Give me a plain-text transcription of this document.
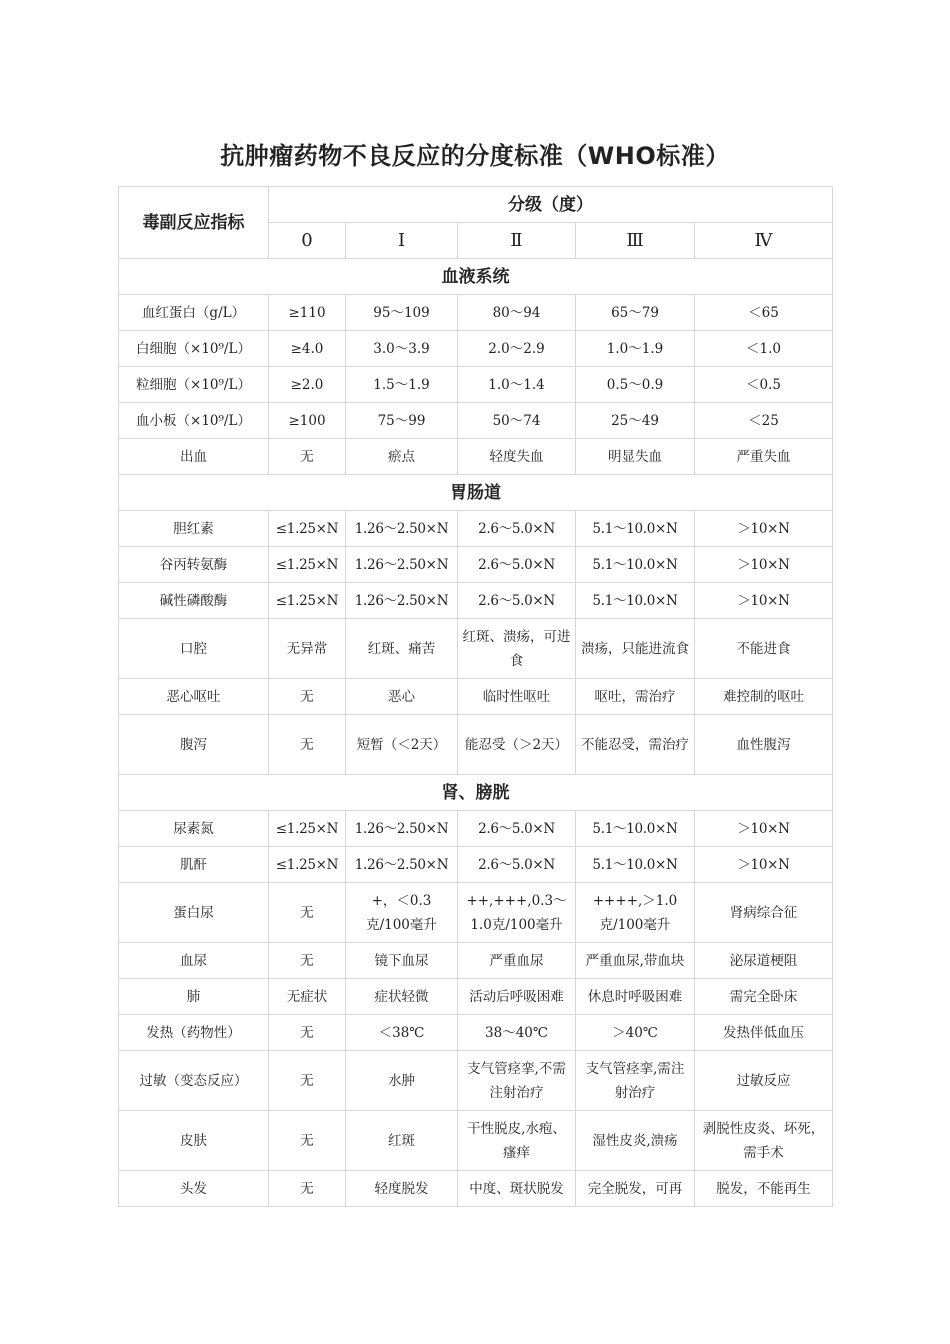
抗肿瘤药物不良反应的分度标准（WHO标准）
毒副反应指标	分级（度）				
	0	Ⅰ	Ⅱ	Ⅲ	Ⅳ
血液系统					
血红蛋白（g/L）	≥110	95～109	80～94	65～79	＜65
白细胞（×10⁹/L）	≥4.0	3.0～3.9	2.0～2.9	1.0～1.9	＜1.0
粒细胞（×10⁹/L）	≥2.0	1.5～1.9	1.0～1.4	0.5～0.9	＜0.5
血小板（×10⁹/L）	≥100	75～99	50～74	25～49	＜25
出血	无	瘀点	轻度失血	明显失血	严重失血
胃肠道					
胆红素	≤1.25×N	1.26～2.50×N	2.6～5.0×N	5.1～10.0×N	＞10×N
谷丙转氨酶	≤1.25×N	1.26～2.50×N	2.6～5.0×N	5.1～10.0×N	＞10×N
碱性磷酸酶	≤1.25×N	1.26～2.50×N	2.6～5.0×N	5.1～10.0×N	＞10×N
口腔	无异常	红斑、痛苦	红斑、溃疡，可进食	溃疡，只能进流食	不能进食
恶心呕吐	无	恶心	临时性呕吐	呕吐，需治疗	难控制的呕吐
腹泻	无	短暂（＜2天）	能忍受（＞2天）	不能忍受，需治疗	血性腹泻
肾、膀胱					
尿素氮	≤1.25×N	1.26～2.50×N	2.6～5.0×N	5.1～10.0×N	＞10×N
肌酐	≤1.25×N	1.26～2.50×N	2.6～5.0×N	5.1～10.0×N	＞10×N
蛋白尿	无	+，＜0.3克/100毫升	++,+++,0.3～1.0克/100毫升	++++,＞1.0克/100毫升	肾病综合征
血尿	无	镜下血尿	严重血尿	严重血尿,带血块	泌尿道梗阻
肺	无症状	症状轻微	活动后呼吸困难	休息时呼吸困难	需完全卧床
发热（药物性）	无	＜38℃	38～40℃	＞40℃	发热伴低血压
过敏（变态反应）	无	水肿	支气管痉挛,不需注射治疗	支气管痉挛,需注射治疗	过敏反应
皮肤	无	红斑	干性脱皮,水疱、瘙痒	湿性皮炎,溃疡	剥脱性皮炎、坏死，需手术
头发	无	轻度脱发	中度、斑状脱发	完全脱发，可再	脱发，不能再生
